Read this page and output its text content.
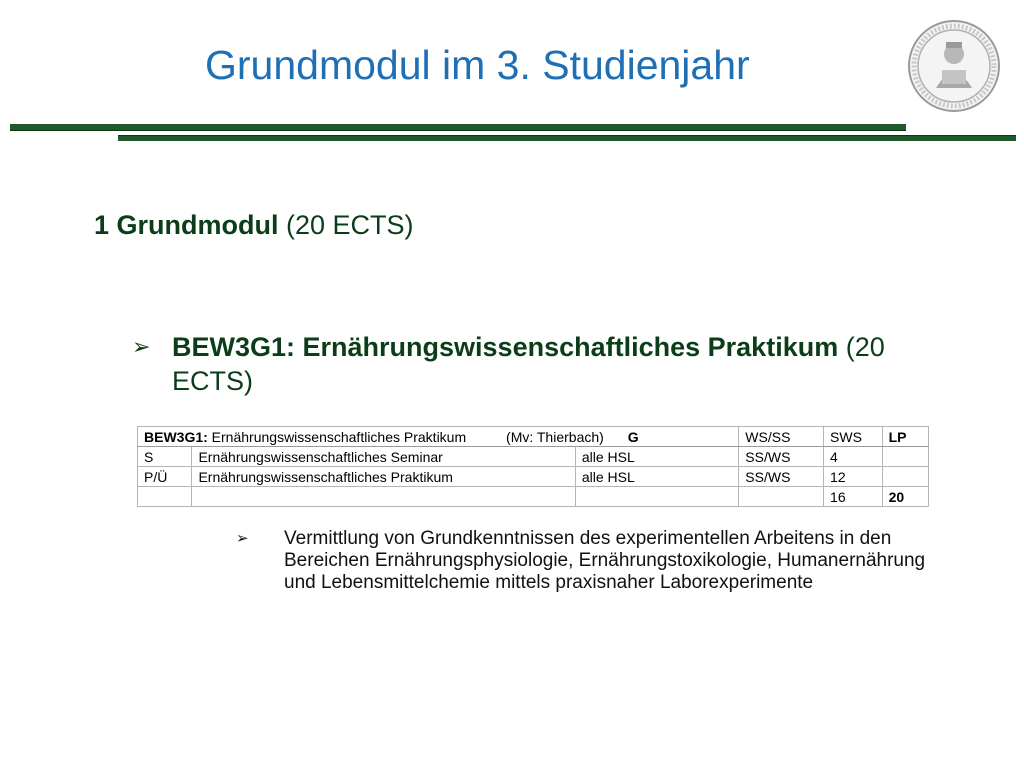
Grundmodul im 3. Studienjahr
1 Grundmodul (20 ECTS)
➢ BEW3G1: Ernährungswissenschaftliches Praktikum (20 ECTS)
BEW3G1: Ernährungswissenschaftliches Praktikum (Mv: Thierbach) G			WS/SS	SWS	LP
S	Ernährungswissenschaftliches Seminar	alle HSL	SS/WS	4	
P/Ü	Ernährungswissenschaftliches Praktikum	alle HSL	SS/WS	12	
				16	20
➢ Vermittlung von Grundkenntnissen des experimentellen Arbeitens in den Bereichen Ernährungsphysiologie, Ernährungstoxikologie, Humanernährung und Lebensmittelchemie mittels praxisnaher Laborexperimente
